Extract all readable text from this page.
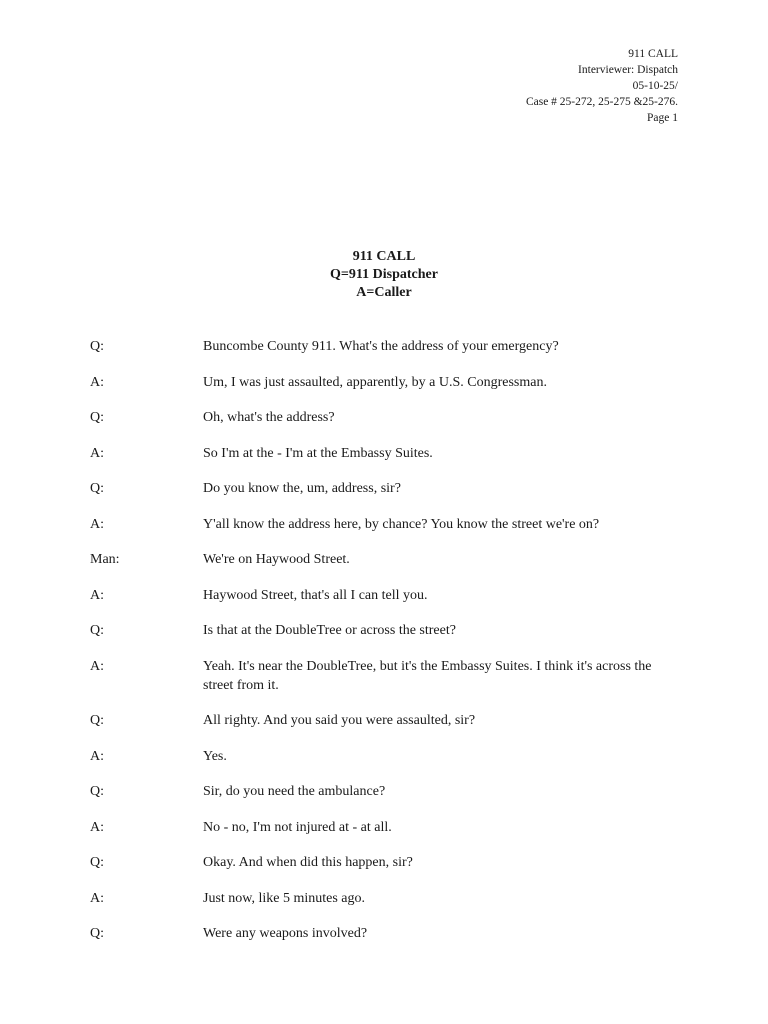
911 CALL
Interviewer: Dispatch
05-10-25/
Case # 25-272, 25-275 &25-276.
Page 1
911 CALL
Q=911 Dispatcher
A=Caller
Q:	Buncombe County 911. What's the address of your emergency?
A:	Um, I was just assaulted, apparently, by a U.S. Congressman.
Q:	Oh, what's the address?
A:	So I'm at the - I'm at the Embassy Suites.
Q:	Do you know the, um, address, sir?
A:	Y'all know the address here, by chance? You know the street we're on?
Man:	We're on Haywood Street.
A:	Haywood Street, that's all I can tell you.
Q:	Is that at the DoubleTree or across the street?
A:	Yeah. It's near the DoubleTree, but it's the Embassy Suites. I think it's across the street from it.
Q:	All righty. And you said you were assaulted, sir?
A:	Yes.
Q:	Sir, do you need the ambulance?
A:	No - no, I'm not injured at - at all.
Q:	Okay. And when did this happen, sir?
A:	Just now, like 5 minutes ago.
Q:	Were any weapons involved?
